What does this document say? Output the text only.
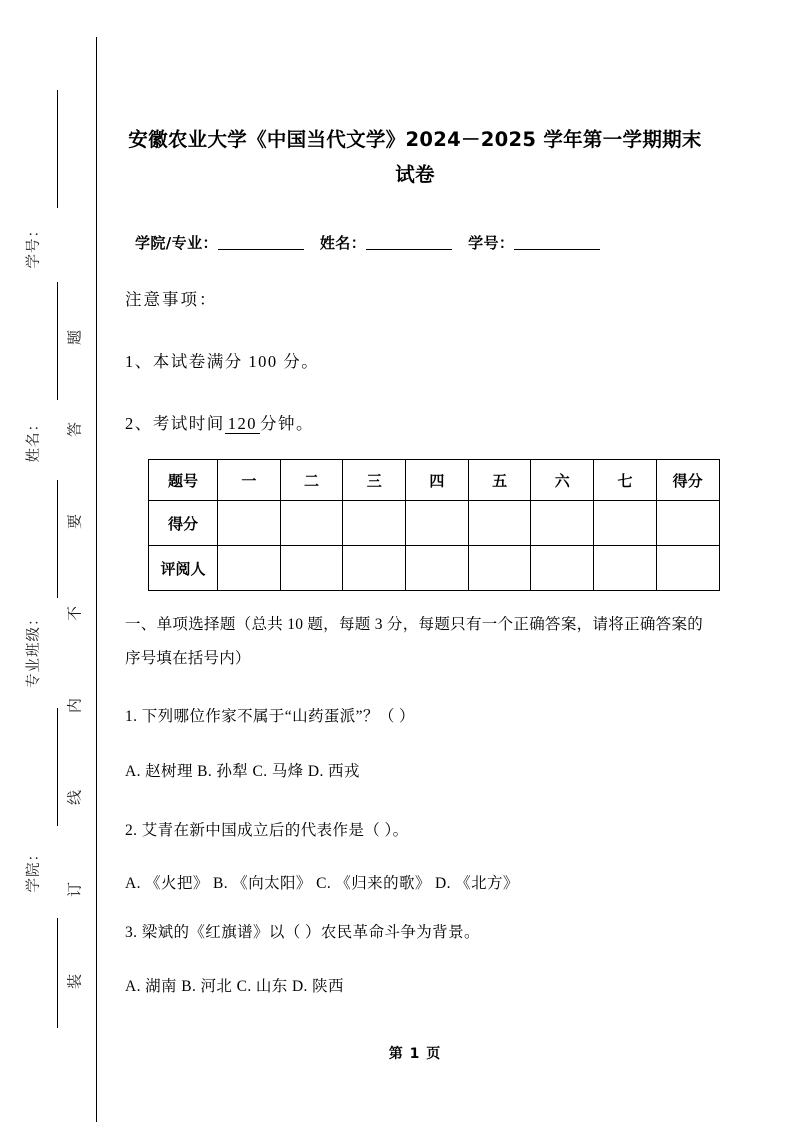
题
答
要
不
内
线
订
装
学号：
姓名：
专业班级：
学院：
安徽农业大学《中国当代文学》2024－2025 学年第一学期期末试卷
学院/专业：	姓名：	学号：
注意事项：
1、本试卷满分 100 分。
2、考试时间 120 分钟。
题号	一	二	三	四	五	六	七	得分
得分								
评阅人								
一、单项选择题（总共 10 题，每题 3 分，每题只有一个正确答案，请将正确答案的序号填在括号内）
1. 下列哪位作家不属于“山药蛋派”？（ ）
A. 赵树理 B. 孙犁 C. 马烽 D. 西戎
2. 艾青在新中国成立后的代表作是（ ）。
A. 《火把》 B. 《向太阳》 C. 《归来的歌》 D. 《北方》
3. 梁斌的《红旗谱》以（ ）农民革命斗争为背景。
A. 湖南 B. 河北 C. 山东 D. 陕西
第 1 页
